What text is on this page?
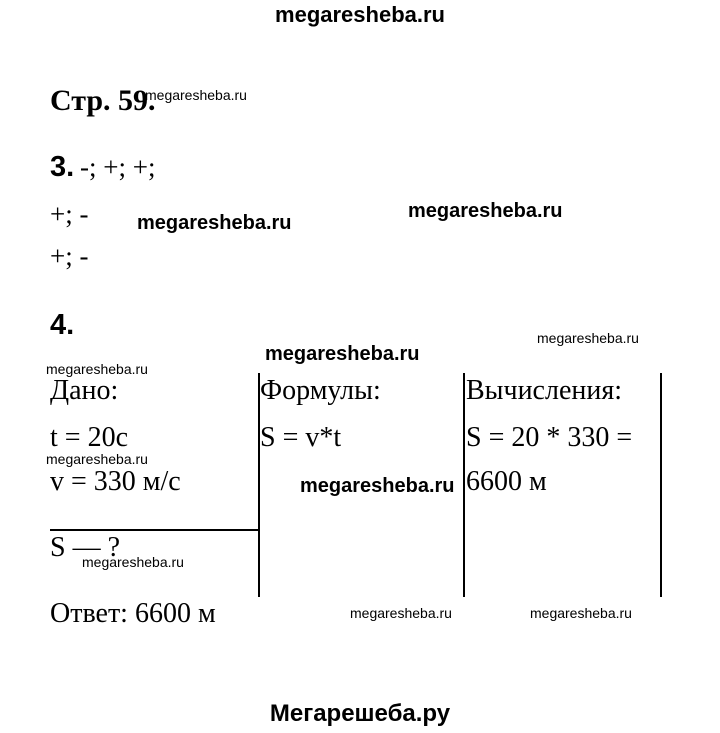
megaresheba.ru
Стр. 59.
3. -; +; +;
+; -
+; -
4.
Дано:
t = 20c
v = 330 м/с
S — ?
Формулы:
S = v*t
Вычисления:
S = 20 * 330 =
6600 м
Ответ: 6600 м
megaresheba.ru
megaresheba.ru
megaresheba.ru
megaresheba.ru
megaresheba.ru
megaresheba.ru
megaresheba.ru
megaresheba.ru
megaresheba.ru
megaresheba.ru	megaresheba.ru
Мегарешеба.ру
